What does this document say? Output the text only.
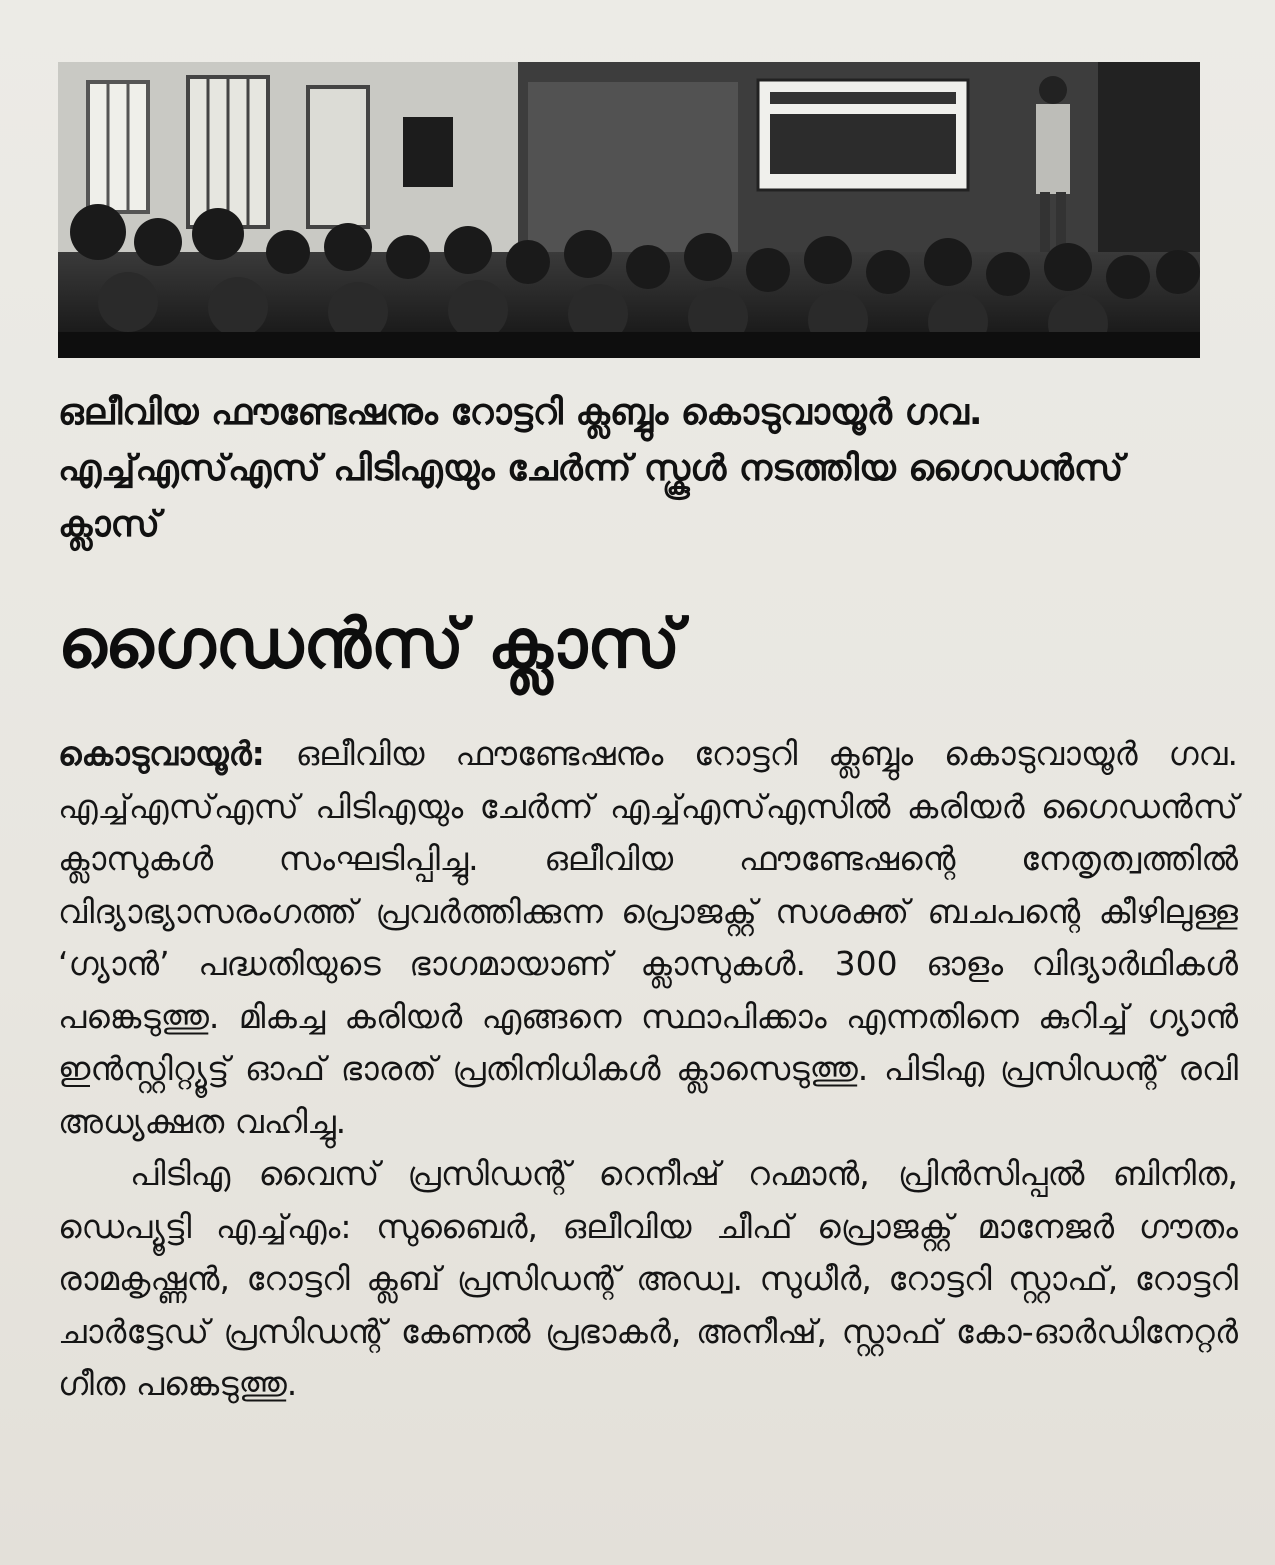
ഒലീവിയ ഫൗണ്ടേഷനും റോട്ടറി ക്ലബ്ബും കൊടുവായൂർ ഗവ. എച്ച്എസ്എസ് പിടിഎയും ചേർന്ന് സ്കൂൾ നടത്തിയ ഗൈഡൻസ് ക്ലാസ്

ഗൈഡൻസ് ക്ലാസ്

കൊടുവായൂർ: ഒലീവിയ ഫൗണ്ടേഷനും റോട്ടറി ക്ലബ്ബും കൊടുവായൂർ ഗവ. എച്ച്എസ്എസ് പിടിഎയും ചേർന്ന് എച്ച്എസ്എസിൽ കരിയർ ഗൈഡൻസ് ക്ലാസുകൾ സംഘടിപ്പിച്ചു. ഒലീവിയ ഫൗണ്ടേഷന്റെ നേതൃത്വത്തിൽ വിദ്യാഭ്യാസരംഗത്ത് പ്രവർത്തിക്കുന്ന പ്രൊജക്റ്റ് സശക്ത് ബചപന്റെ കീഴിലുള്ള ‘ഗ്യാൻ’ പദ്ധതിയുടെ ഭാഗമായാണ് ക്ലാസുകൾ. 300 ഓളം വിദ്യാർഥികൾ പങ്കെടുത്തു. മികച്ച കരിയർ എങ്ങനെ സ്ഥാപിക്കാം എന്നതിനെ കുറിച്ച് ഗ്യാൻ ഇൻസ്റ്റിറ്റ്യൂട്ട് ഓഫ് ഭാരത് പ്രതിനിധികൾ ക്ലാസെടുത്തു. പിടിഎ പ്രസിഡന്റ് രവി അധ്യക്ഷത വഹിച്ചു.

പിടിഎ വൈസ് പ്രസിഡന്റ് റെനീഷ് റഹ്മാൻ, പ്രിൻസിപ്പൽ ബിനിത, ഡെപ്യൂട്ടി എച്ച്എം: സുബൈർ, ഒലീവിയ ചീഫ് പ്രൊജക്റ്റ് മാനേജർ ഗൗതം രാമകൃഷ്ണൻ, റോട്ടറി ക്ലബ് പ്രസിഡന്റ് അഡ്വ. സുധീർ, റോട്ടറി സ്റ്റാഫ്, റോട്ടറി ചാർട്ടേഡ് പ്രസിഡന്റ് കേണൽ പ്രഭാകർ, അനീഷ്, സ്റ്റാഫ് കോ-ഓർഡിനേറ്റർ ഗീത പങ്കെടുത്തു.
